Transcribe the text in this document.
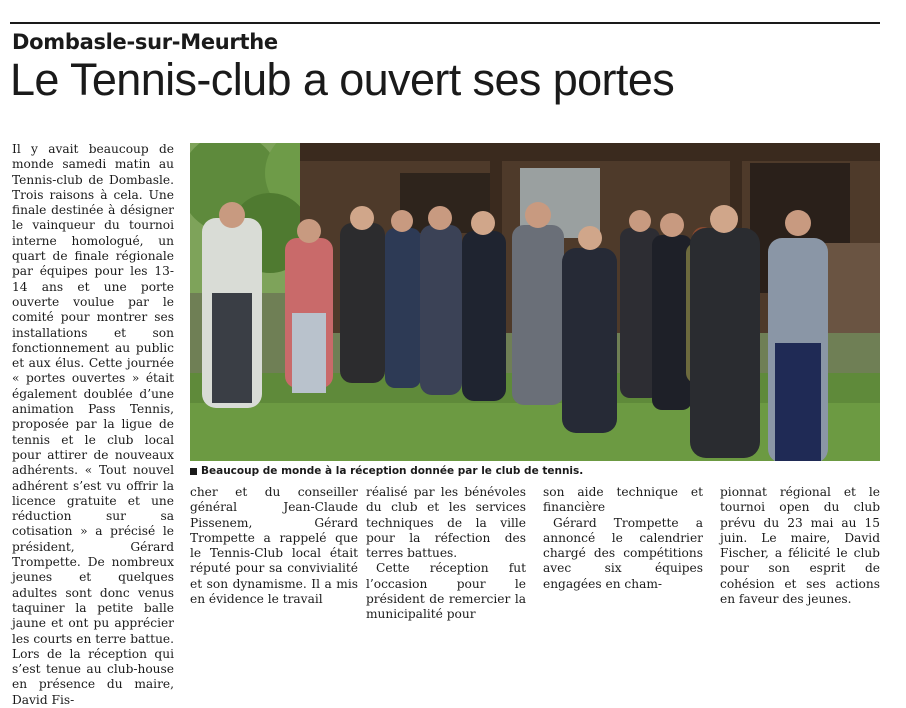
Dombasle-sur-Meurthe
Le Tennis-club a ouvert ses portes

Il y avait beaucoup de monde samedi matin au Tennis-club de Dombasle. Trois raisons à cela. Une finale destinée à désigner le vainqueur du tournoi interne homologué, un quart de finale régionale par équipes pour les 13-14 ans et une porte ouverte voulue par le comité pour montrer ses installations et son fonctionnement au public et aux élus. Cette journée « portes ouvertes » était également doublée d’une animation Pass Tennis, proposée par la ligue de tennis et le club local pour attirer de nouveaux adhérents. « Tout nouvel adhérent s’est vu offrir la licence gratuite et une réduction sur sa cotisation » a précisé le président, Gérard Trompette. De nombreux jeunes et quelques adultes sont donc venus taquiner la petite balle jaune et ont pu apprécier les courts en terre battue. Lors de la réception qui s’est tenue au club-house en présence du maire, David Fis-

Beaucoup de monde à la réception donnée par le club de tennis.

cher et du conseiller général Jean-Claude Pissenem, Gérard Trompette a rappelé que le Tennis-Club local était réputé pour sa convivialité et son dynamisme. Il a mis en évidence le travail

réalisé par les bénévoles du club et les services techniques de la ville pour la réfection des terres battues.

Cette réception fut l’occasion pour le président de remercier la municipalité pour

son aide technique et financière

Gérard Trompette a annoncé le calendrier chargé des compétitions avec six équipes engagées en cham-

pionnat régional et le tournoi open du club prévu du 23 mai au 15 juin. Le maire, David Fischer, a félicité le club pour son esprit de cohésion et ses actions en faveur des jeunes.
